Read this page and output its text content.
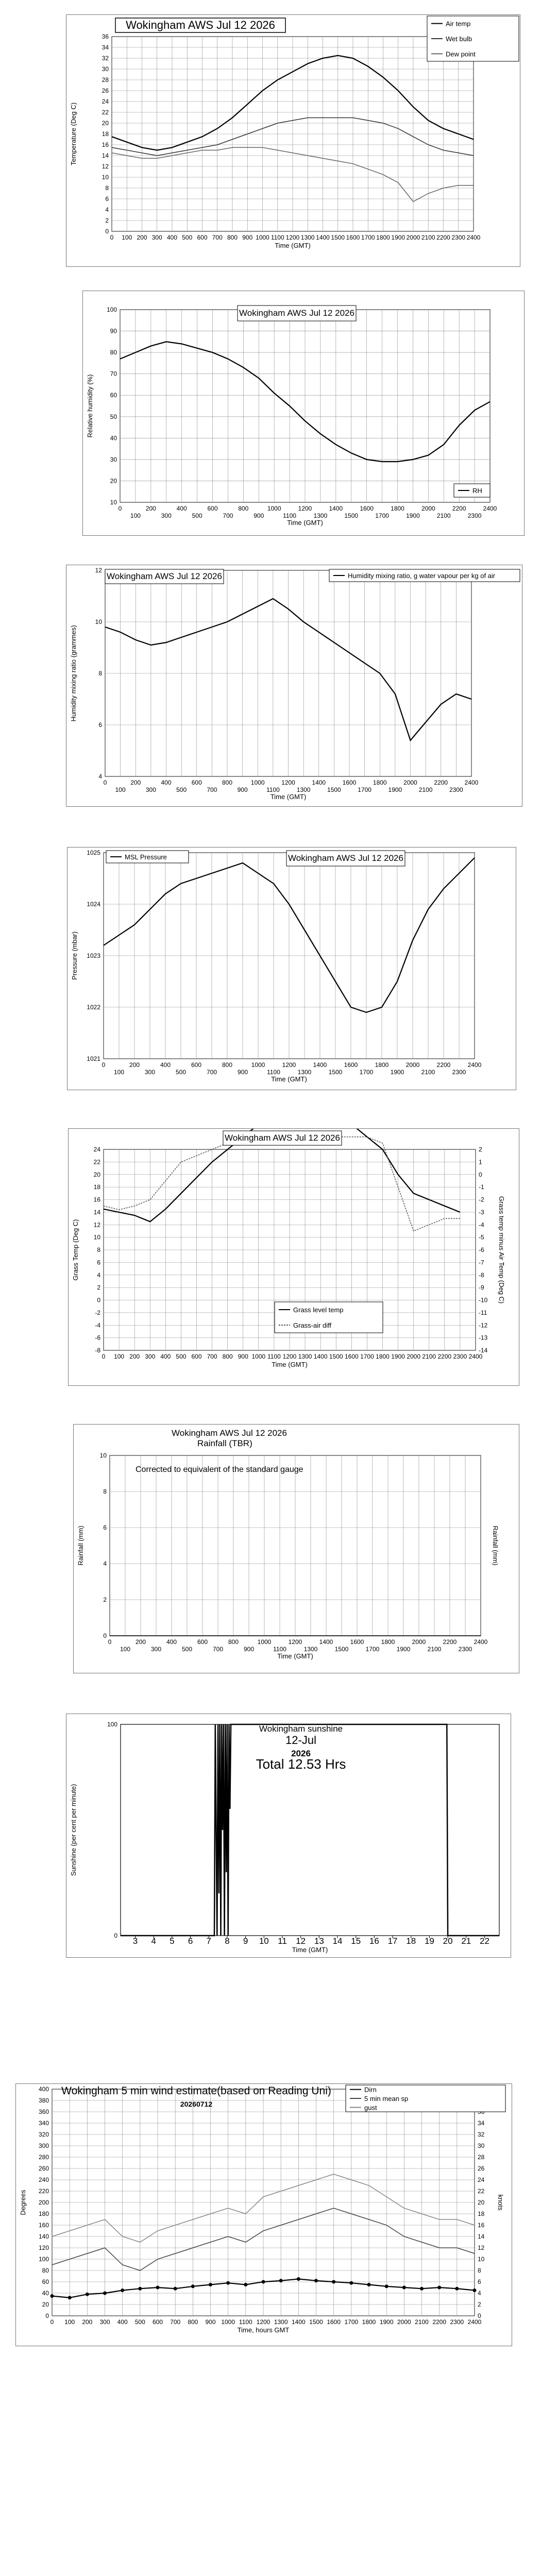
0
2
4
6
8
10
12
14
16
18
20
22
24
26
28
30
32
34
36
0 100 200 300 400 500 600 700 800 900 1000 1100 1200 1300 1400 1500 1600 1700 1800 1900 2000 2100 2200 2300 2400
Time (GMT)
Temperature (Deg C)
Air temp
Wet bulb
Dew point
Wokingham AWS Jul 12 2026
10
20
30
40
50
60
70
80
90
100
0	200	400	600	800	1000	1200	1400	1600	1800	2000	2200	2400
100	300	500	700	900	1100	1300	1500	1700	1900	2100	2300
Time (GMT)
Relative humidity (%)
RH
Wokingham AWS Jul 12 2026
4
6
8
10
12
0	200	400	600	800	1000	1200	1400	1600	1800	2000	2200	2400
100	300	500	700	900	1100	1300	1500	1700	1900	2100	2300
Time (GMT)
Humidity mixing ratio (grammes)
Humidity mixing ratio, g water vapour per kg of air
Wokingham AWS Jul 12 2026
1021
1022
1023
1024
1025
0	200	400	600	800	1000	1200	1400	1600	1800	2000	2200	2400
100	300	500	700	900	1100	1300	1500	1700	1900	2100	2300
Time (GMT)
Pressure (mbar)
MSL Pressure	Wokingham AWS Jul 12 2026
-8
-6
-4
-2
0
2
4
6
8
10
12
14
16
18
20
22
24
-14
-13
-12
-11
-10
-9
-8
-7
-6
-5
-4
-3
-2
-1
0
1
2
0 100 200 300 400 500 600 700 800 900 1000 1100 1200 1300 1400 1500 1600 1700 1800 1900 2000 2100 2200 2300 2400
Time (GMT)
Grass Temp (Deg C)	Grass temp minus Air Temp (Deg C)
Grass level temp
Grass-air diff
Wokingham AWS Jul 12 2026
0
2
4
6
8
10
0	200	400	600	800	1000	1200	1400	1600	1800	2000	2200	2400
100	300	500	700	900	1100	1300	1500	1700	1900	2100	2300
Time (GMT)
Rainfall (mm)	Rainfall (mm)
Wokingham AWS Jul 12 2026
Rainfall (TBR)
Corrected to equivalent of the standard gauge
0
100
3 4 5 6 7 8 9 10 11 12 13 14 15 16 17 18 19 20 21 22
Time (GMT)
Sunshine (per cent per minute)
Wokingham sunshine
12-Jul
2026
Total 12.53 Hrs
0
20
40
60
80
100
120
140
160
180
200
220
240
260
280
300
320
340
360
380
400
0
2
4
6
8
10
12
14
16
18
20
22
24
26
28
30
32
34
0 100 200 300 400 500 600 700 800 900 1000 1100 1200 1300 1400 1500 1600 1700 1800 1900 2000 2100 2200 2300 2400
Time, hours GMT
Degrees	knots
Dirn
5 min mean sp
gust
Wokingham 5 min wind estimate(based on Reading Uni)
20260712
